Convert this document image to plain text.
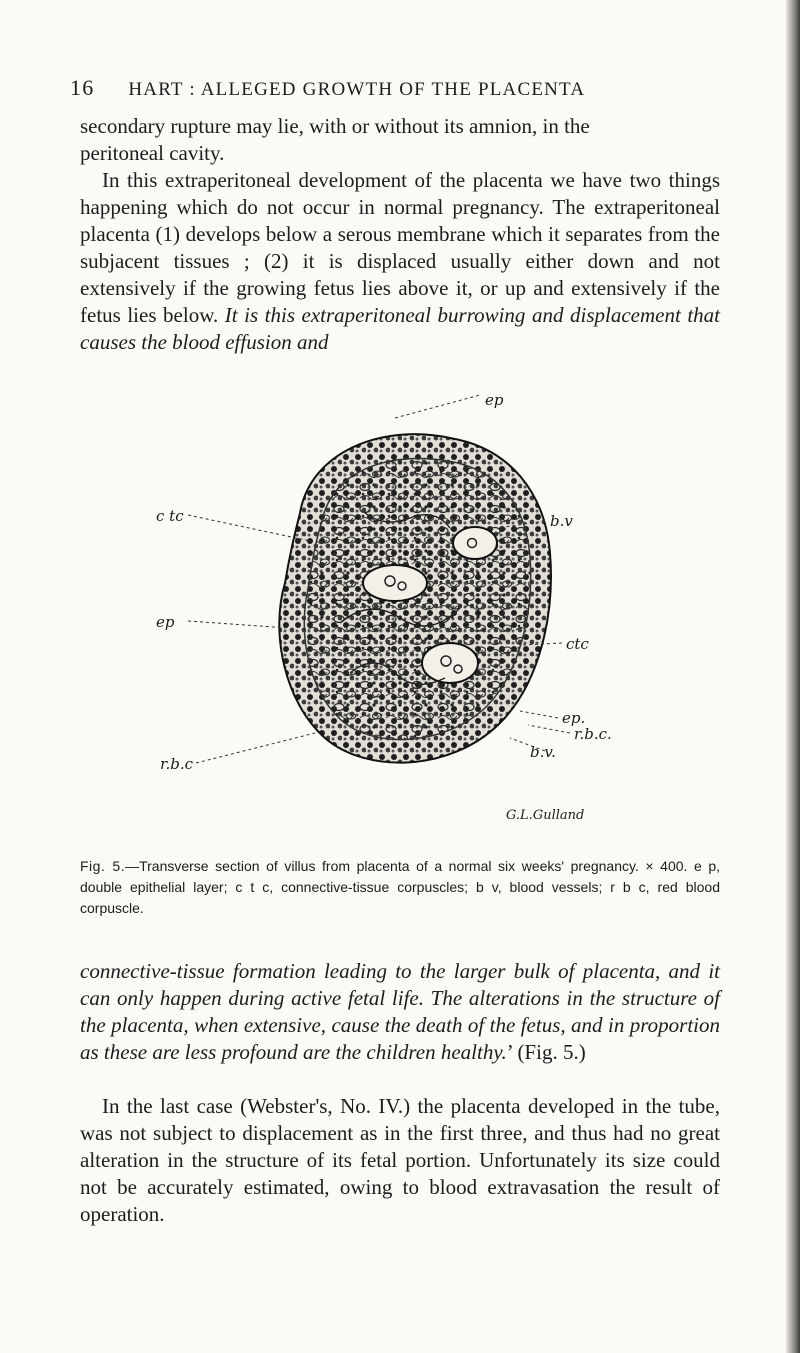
16 HART : ALLEGED GROWTH OF THE PLACENTA

secondary rupture may lie, with or without its amnion, in the

peritoneal cavity.

In this extraperitoneal development of the placenta we have two things happening which do not occur in normal pregnancy. The extraperitoneal placenta (1) develops below a serous membrane which it separates from the subjacent tissues ; (2) it is displaced usually either down and not extensively if the growing fetus lies above it, or up and extensively if the fetus lies below. It is this extraperitoneal burrowing and displacement that causes the blood effusion and
c tc
ep
b.v
ep
ctc
ep.
r.b.c.
b.v.
r.b.c
G.L.Gulland
Fig. 5.—Transverse section of villus from placenta of a normal six weeks' pregnancy. × 400. e p, double epithelial layer; c t c, connective-tissue corpuscles; b v, blood vessels; r b c, red blood corpuscle.
connective-tissue formation leading to the larger bulk of placenta, and it can only happen during active fetal life. The alterations in the structure of the placenta, when extensive, cause the death of the fetus, and in proportion as these are less profound are the children healthy.’ (Fig. 5.)
In the last case (Webster's, No. IV.) the placenta developed in the tube, was not subject to displacement as in the first three, and thus had no great alteration in the structure of its fetal portion. Unfortunately its size could not be accurately estimated, owing to blood extravasation the result of operation.
